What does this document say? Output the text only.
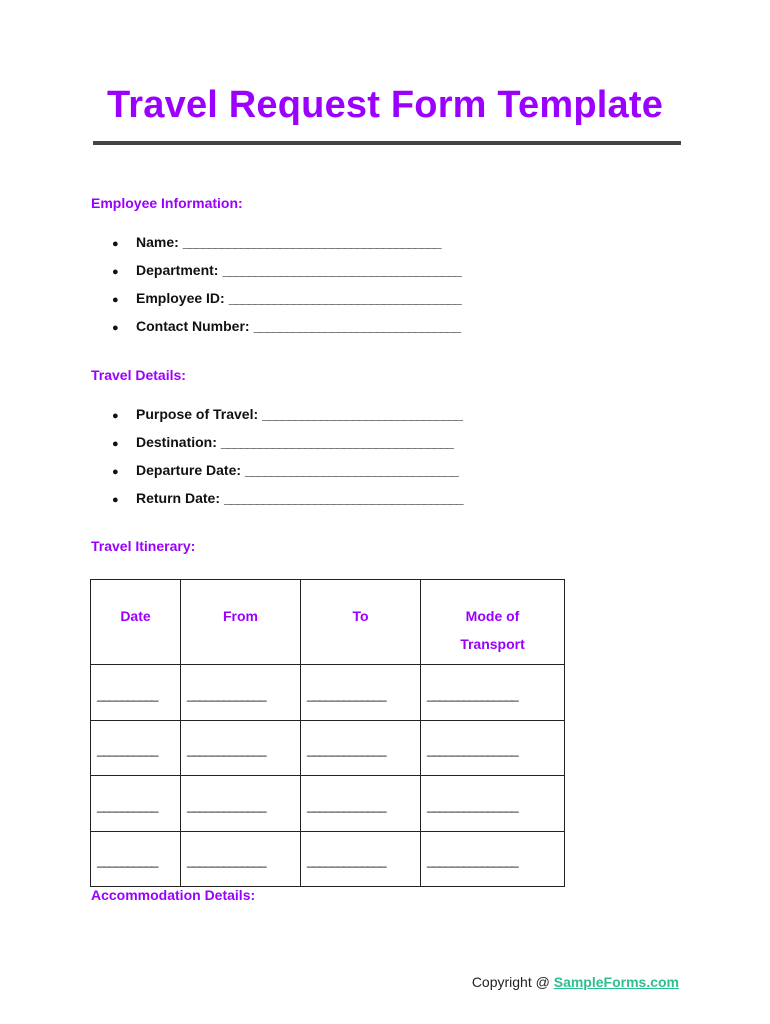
Travel Request Form Template
Employee Information:
●	Name: ________________________________________
●	Department: _____________________________________
●	Employee ID: ____________________________________
●	Contact Number: ________________________________
Travel Details:
●	Purpose of Travel: _______________________________
●	Destination: ____________________________________
●	Departure Date: _________________________________
●	Return Date: _____________________________________
Travel Itinerary:
Date	From	To	Mode of Transport
__________	_____________	_____________	_______________
__________	_____________	_____________	_______________
__________	_____________	_____________	_______________
__________	_____________	_____________	_______________
Accommodation Details:
Copyright @ SampleForms.com
